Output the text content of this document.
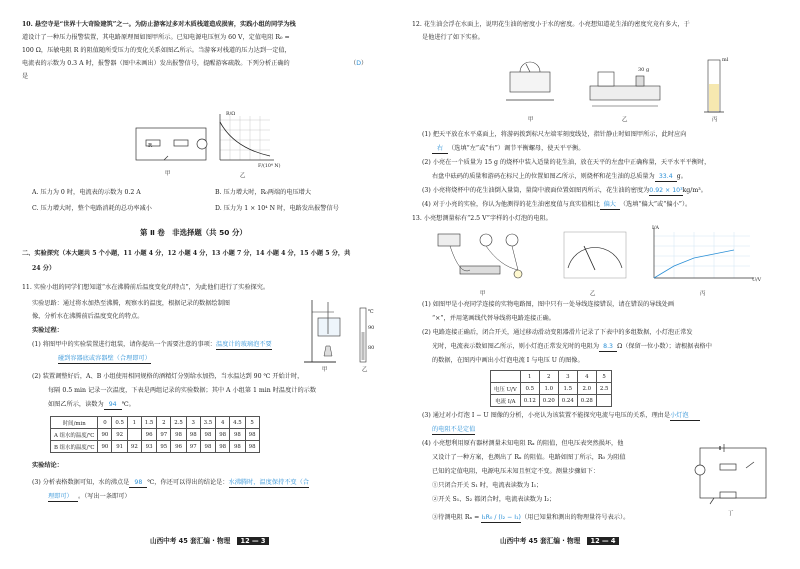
10. 悬空寺是“世界十大奇险建筑”之一。为防止游客过多对木质栈道造成损害，实践小组的同学为栈
道设计了一种压力报警装置，其电路原理图如图甲所示。已知电源电压恒为 60 V，定值电阻 R₀ =
100 Ω，压敏电阻 R 的阻值随所受压力的变化关系如图乙所示。当游客对栈道的压力达到一定值，
电流表的示数为 0.3 A 时，报警器（图中未画出）发出报警信号，提醒游客疏散。下列分析正确的
是
（D）
R
甲
R/Ω
F/(10⁴ N)
乙
A. 压力为 0 时，电流表的示数为 0.2 A	B. 压力增大时，R₀两端的电压增大
C. 压力增大时，整个电路消耗的总功率减小	D. 压力为 1 × 10⁴ N 时，电路发出报警信号
第 Ⅱ 卷　非选择题（共 50 分）
二、实验探究（本大题共 5 个小题，11 小题 4 分，12 小题 4 分，13 小题 7 分，14 小题 4 分，15 小题 5 分，共
24 分）
11. 实验小组的同学们想知道“水在沸腾前后温度变化的特点”，为此他们进行了实验探究。
实验思路：通过将水加热至沸腾，观察水的温度，根据记录的数据绘制图
像，分析水在沸腾前后温度变化的特点。
实验过程：
(1) 将图甲中的实验装置进行组装，请你提出一个需要注意的事项：温度计的玻璃泡不要
碰到容器底或容器壁（合理即可）
℃
90
80
甲	乙
(2) 装置调整好后，A、B 小组使用相同规格的酒精灯分别给水加热，当水温达到 90 ℃ 开始计时，
每隔 0.5 min 记录一次温度，下表是两组记录的实验数据；其中 A 小组第 1 min 时温度计的示数
如图乙所示，读数为 94 ℃。
时间/min	0	0.5	1	1.5	2	2.5	3	3.5	4	4.5	5
A 组水的温度/℃	90	92		96	97	98	98	98	98	98	98
B 组水的温度/℃	90	91	92	93	95	96	97	98	98	98	98
实验结论：
(3) 分析表格数据可知，水的沸点是 98 ℃，你还可以得出的结论是：水沸腾时，温度保持不变（合
理即可） 。（写出一条即可）
山西中考 45 套汇编 · 物理 12 — 3
12. 花生油会浮在水面上，说明花生油的密度小于水的密度。小亮想知道花生油的密度究竟有多大，于
是他进行了如下实验。
30 g
ml
甲	乙	丙
(1) 把天平放在水平桌面上，将游码拨到标尺左端零刻度线处，指针静止时如图甲所示，此时应向
右 （选填“左”或“右”）调节平衡螺母，使天平平衡。
(2) 小亮在一个质量为 15 g 的烧杯中装入适量的花生油，放在天平的左盘中正确称量，天平水平平衡时，
右盘中砝码的质量和游码在标尺上的位置如图乙所示，则烧杯和花生油的总质量为 33.4 g。
(3) 小亮将烧杯中的花生油倒入量筒，量筒中液面位置如图丙所示，花生油的密度为0.92 × 10³kg/m³。
(4) 对于小亮的实验，你认为他测得的花生油密度值与真实值相比 偏大 （选填“偏大”或“偏小”）。
13. 小亮想测量标有“2.5 V”字样的小灯泡的电阻。
I/A
U/V
甲	乙	丙
(1) 如图甲是小亮同学连接的实物电路图，图中只有一处导线连接错误，请在错误的导线处画
“×”，并用笔画线代替导线将电路连接正确。
(2) 电路连接正确后，闭合开关，通过移动滑动变阻器滑片记录了下表中的多组数据，小灯泡正常发
光时，电流表示数如图乙所示，则小灯泡正常发光时的电阻为 8.3 Ω（保留一位小数）；请根据表格中
的数据，在图丙中画出小灯泡电流 I 与电压 U 的图像。
	1	2	3	4	5
电压 U/V	0.5	1.0	1.5	2.0	2.5
电流 I/A	0.12	0.20	0.24	0.28	
(3) 通过对小灯泡 I − U 图像的分析，小亮认为该装置不能探究电流与电压的关系，理由是小灯泡
的电阻不是定值
(4) 小亮想利用原有器材测量未知电阻 Rₓ 的阻值，但电压表突然损坏，他
又设计了一种方案，也测出了 Rₓ 的阻值。电路如图丁所示，R₀ 为阻值
已知的定值电阻，电源电压未知且恒定不变。测量步骤如下：
①只闭合开关 S₁ 时，电流表读数为 I₁；
②开关 S₁、S₂ 都闭合时，电流表读数为 I₂；
③待测电阻 Rₓ = I₁R₀ / (I₂ − I₁)（用已知量和测出的物理量符号表示）。	丁
山西中考 45 套汇编 · 物理 12 — 4
